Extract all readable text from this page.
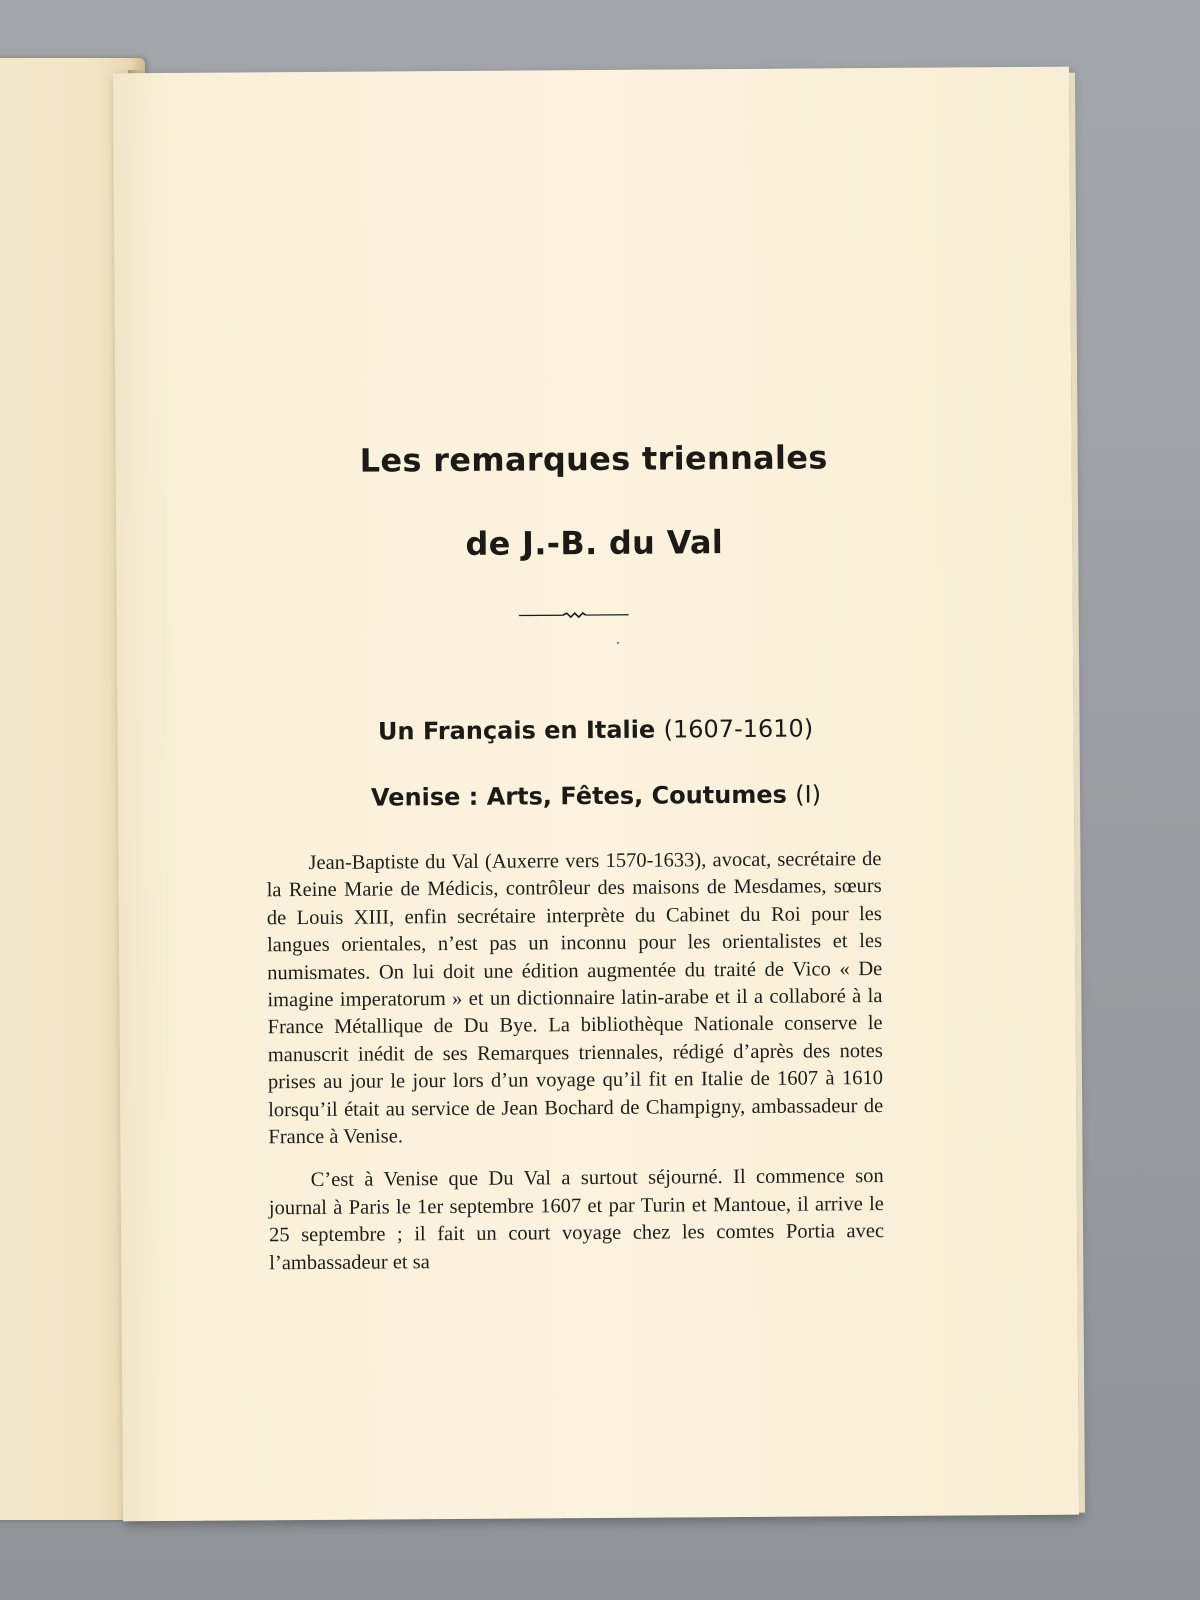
Les remarques triennales
de J.-B. du Val
Un Français en Italie (1607-1610)
Venise : Arts, Fêtes, Coutumes (I)

Jean-Baptiste du Val (Auxerre vers 1570-1633), avocat, secrétaire de la Reine Marie de Médicis, contrôleur des maisons de Mesdames, sœurs de Louis XIII, enfin secrétaire interprète du Cabinet du Roi pour les langues orientales, n’est pas un inconnu pour les orientalistes et les numismates. On lui doit une édition augmentée du traité de Vico « De imagine imperatorum » et un dictionnaire latin-arabe et il a collaboré à la France Métallique de Du Bye. La bibliothèque Nationale conserve le manuscrit inédit de ses Remarques triennales, rédigé d’après des notes prises au jour le jour lors d’un voyage qu’il fit en Italie de 1607 à 1610 lorsqu’il était au service de Jean Bochard de Champigny, ambassadeur de France à Venise.

C’est à Venise que Du Val a surtout séjourné. Il commence son journal à Paris le 1er septembre 1607 et par Turin et Mantoue, il arrive le 25 septembre ; il fait un court voyage chez les comtes Portia avec l’ambassadeur et sa
